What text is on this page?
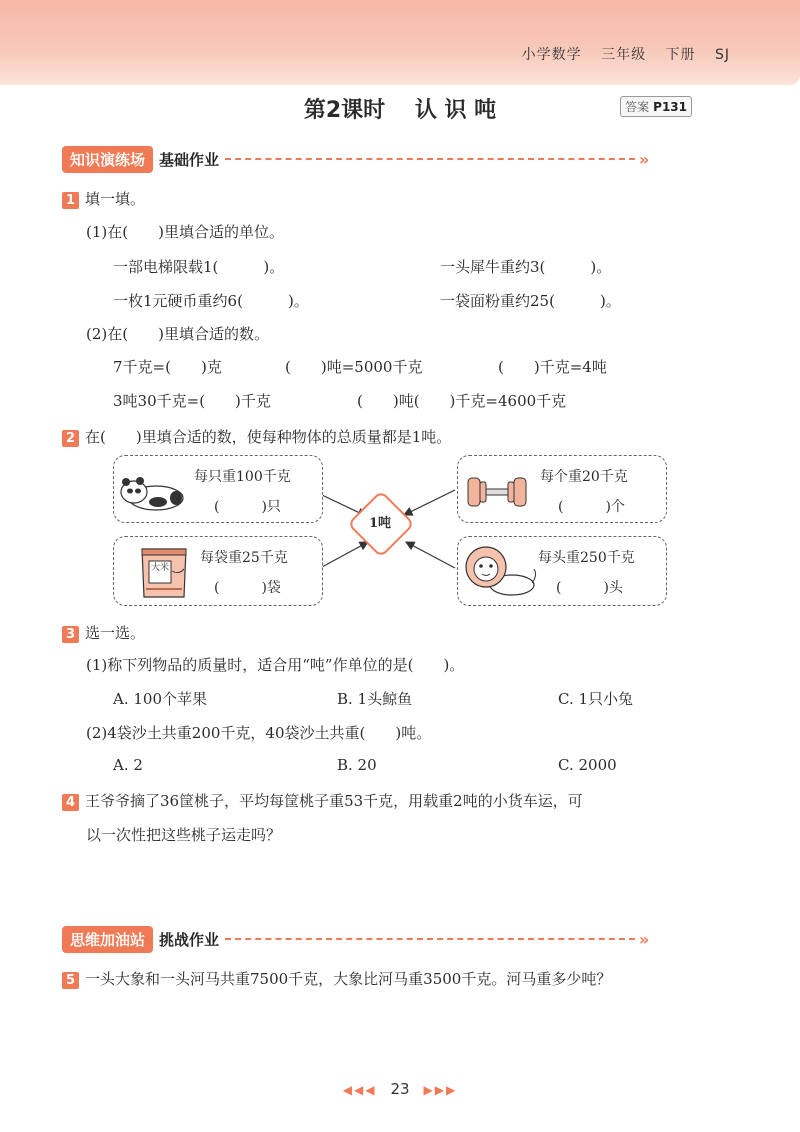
小学数学 三年级 下册 SJ
第2课时 认 识 吨	答案 P131
知识演练场 基础作业	»
1 填一填。
(1)在(　　)里填合适的单位。
一部电梯限载1(　　　)。	一头犀牛重约3(　　　)。
一枚1元硬币重约6(　　　)。	一袋面粉重约25(　　　)。
(2)在(　　)里填合适的数。
7千克=(　　)克	(　　)吨=5000千克	(　　)千克=4吨
3吨30千克=(　　)千克	(　　)吨(　　)千克=4600千克
2 在(　　)里填合适的数，使每种物体的总质量都是1吨。
1吨
每只重100千克
(　　　)只
每个重20千克
(　　　)个
大米
每袋重25千克
(　　　)袋
每头重250千克
(　　　)头
3 选一选。
(1)称下列物品的质量时，适合用“吨”作单位的是(　　)。
A. 100个苹果	B. 1头鲸鱼	C. 1只小兔
(2)4袋沙土共重200千克，40袋沙土共重(　　)吨。
A. 2	B. 20	C. 2000
4 王爷爷摘了36筐桃子，平均每筐桃子重53千克，用载重2吨的小货车运，可
以一次性把这些桃子运走吗？
思维加油站 挑战作业	»
5 一头大象和一头河马共重7500千克，大象比河马重3500千克。河马重多少吨？
◀◀◀ 23 ▶▶▶
